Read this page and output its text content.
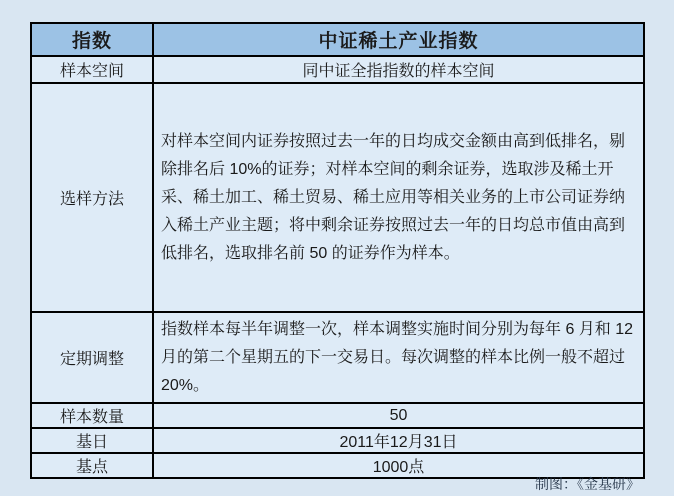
指数	中证稀土产业指数
样本空间	同中证全指指数的样本空间
选样方法	对样本空间内证券按照过去一年的日均成交金额由高到低排名，剔除排名后 10%的证券；对样本空间的剩余证券，选取涉及稀土开采、稀土加工、稀土贸易、稀土应用等相关业务的上市公司证券纳入稀土产业主题；将中剩余证券按照过去一年的日均总市值由高到低排名，选取排名前 50 的证券作为样本。
定期调整	指数样本每半年调整一次，样本调整实施时间分别为每年 6 月和 12 月的第二个星期五的下一交易日。每次调整的样本比例一般不超过 20%。
样本数量	50
基日	2011年12月31日
基点	1000点
制图：《金基研》
